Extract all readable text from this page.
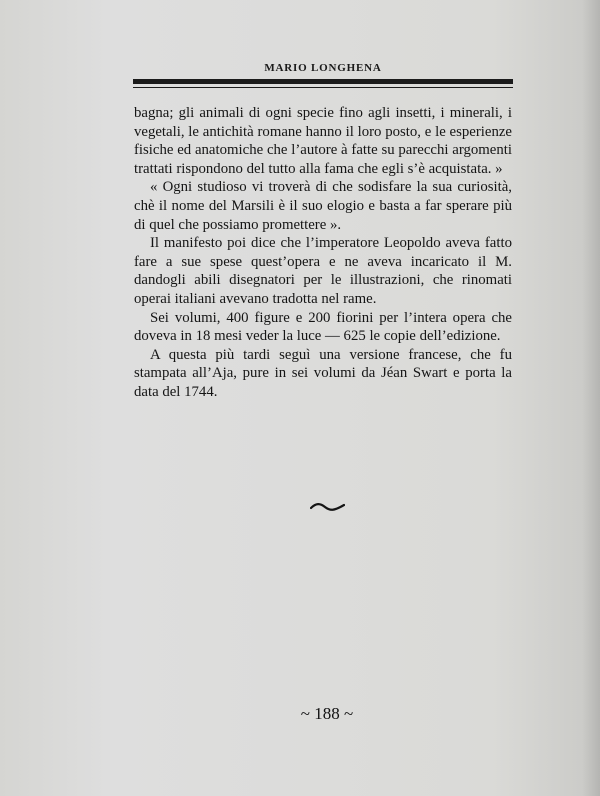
MARIO LONGHENA

bagna; gli animali di ogni specie fino agli insetti, i minerali, i vegetali, le antichità romane hanno il loro posto, e le esperienze fisiche ed anatomiche che l’autore à fatte su parecchi argomenti trattati rispondono del tutto alla fama che egli s’è acquistata. »

« Ogni studioso vi troverà di che sodisfare la sua curiosità, chè il nome del Marsili è il suo elogio e basta a far sperare più di quel che possiamo promettere ».

Il manifesto poi dice che l’imperatore Leopoldo aveva fatto fare a sue spese quest’opera e ne aveva incaricato il M. dandogli abili disegnatori per le illustrazioni, che rinomati operai italiani avevano tradotta nel rame.

Sei volumi, 400 figure e 200 fiorini per l’intera opera che doveva in 18 mesi veder la luce — 625 le copie dell’edizione.

A questa più tardi seguì una versione francese, che fu stampata all’Aja, pure in sei volumi da Jéan Swart e porta la data del 1744.

~ 188 ~
